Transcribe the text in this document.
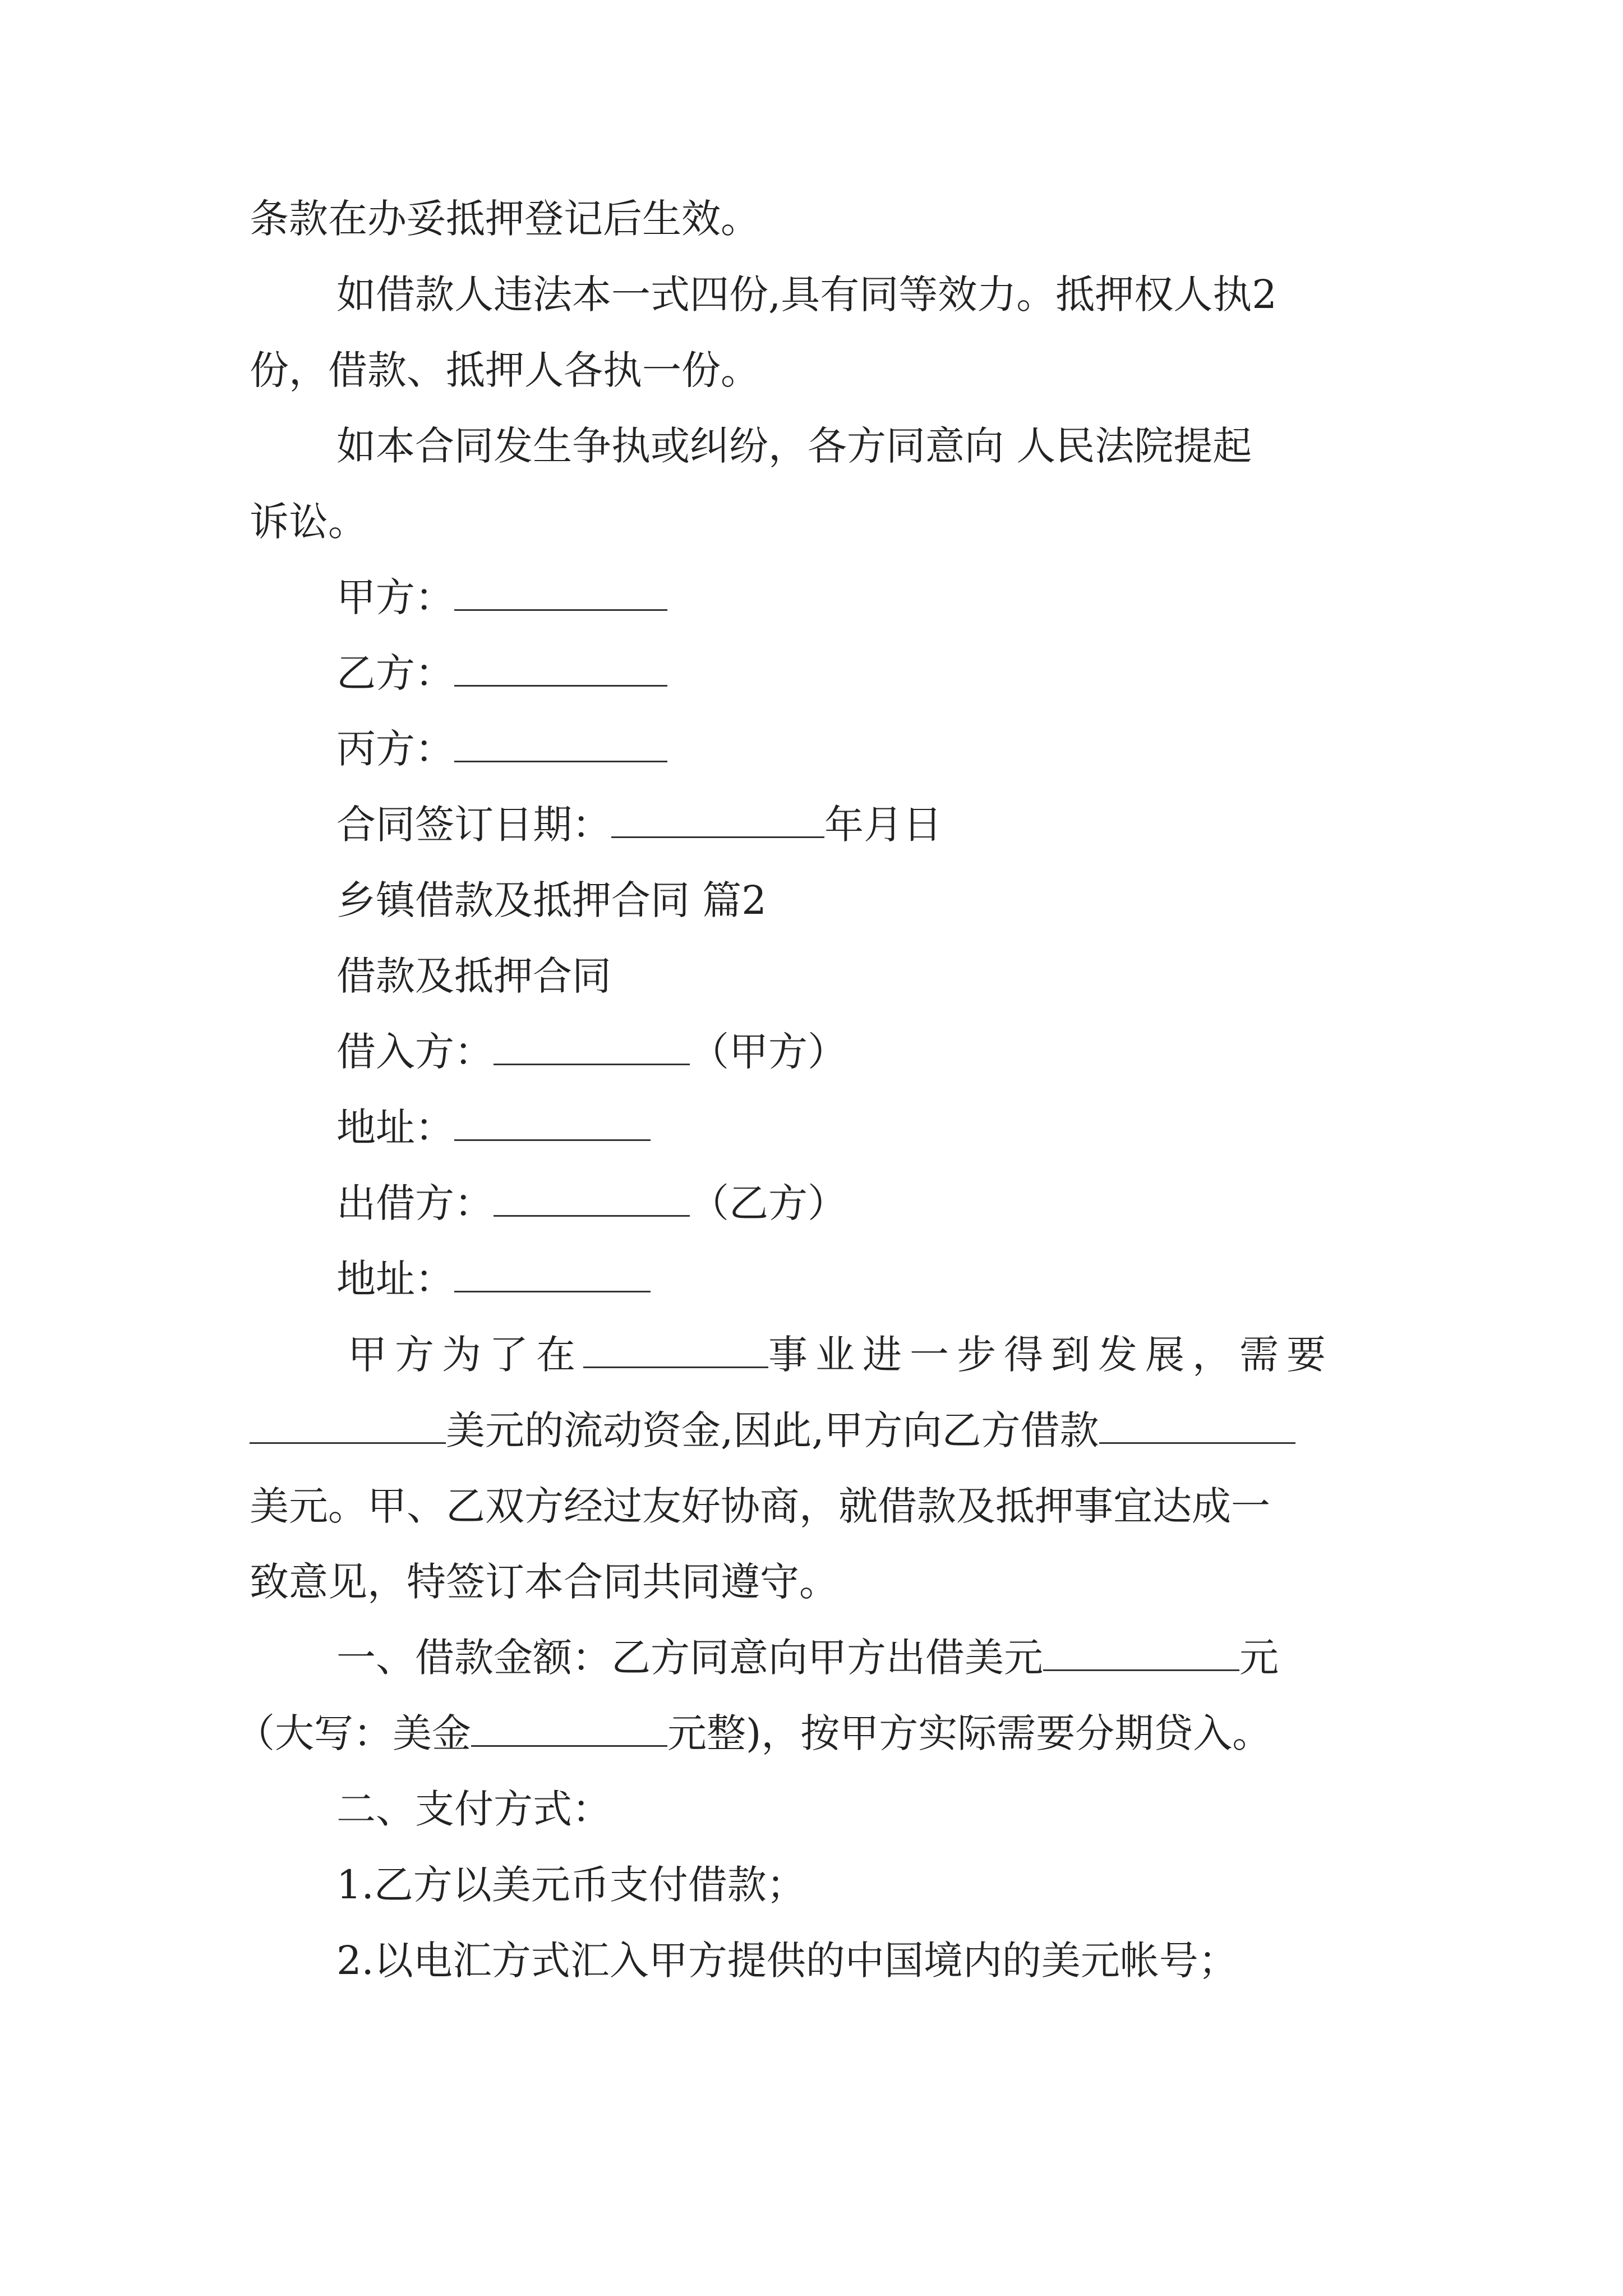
条款在办妥抵押登记后生效。
如借款人违法本一式四份,具有同等效力。抵押权人执2
份，借款、抵押人各执一份。
如本合同发生争执或纠纷，各方同意向 人民法院提起
诉讼。
甲方：
乙方：
丙方：
合同签订日期：	年月日
乡镇借款及抵押合同 篇2
借款及抵押合同
借入方：	（甲方）
地址：
出借方：	（乙方）
地址：
甲方为了在	事业进一步得到发展，需要
美元的流动资金,因此,甲方向乙方借款
美元。甲、乙双方经过友好协商，就借款及抵押事宜达成一
致意见，特签订本合同共同遵守。
一、借款金额：乙方同意向甲方出借美元	元
（大写：美金	元整)，按甲方实际需要分期贷入。
二、支付方式：
1.乙方以美元币支付借款；
2.以电汇方式汇入甲方提供的中国境内的美元帐号；
